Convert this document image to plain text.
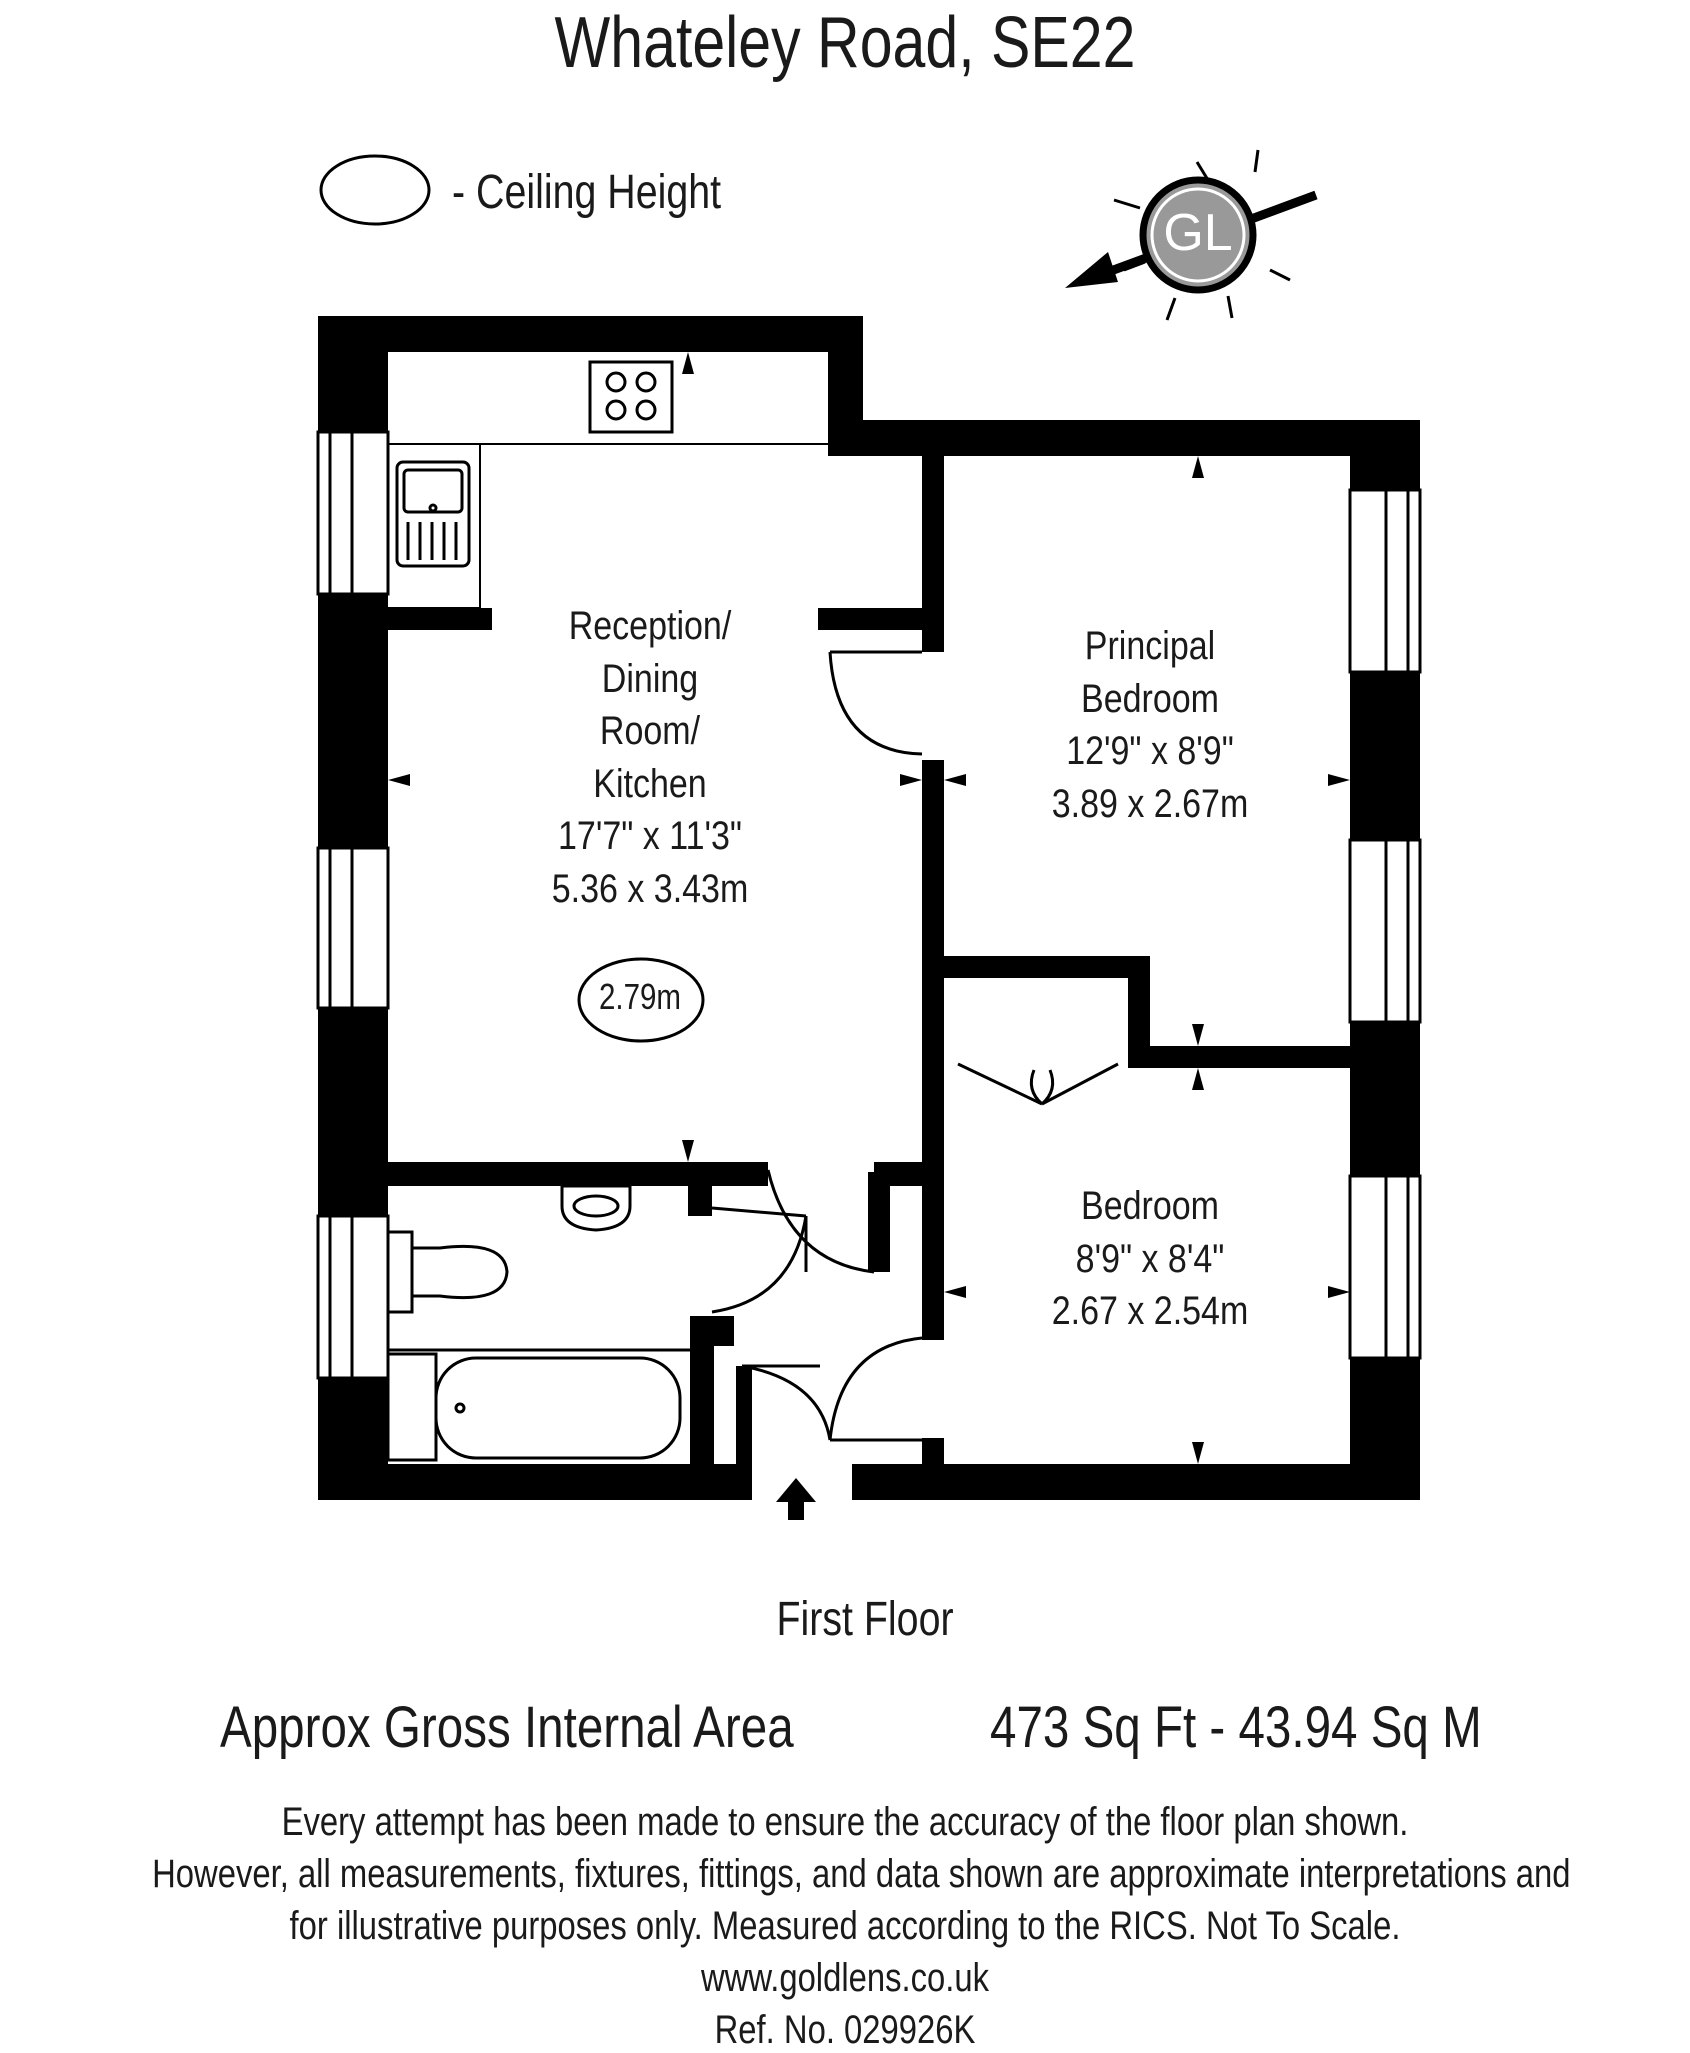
Whateley Road, SE22
- Ceiling Height
Reception/
Dining
Room/
Kitchen
17'7" x 11'3"
5.36 x 3.43m
2.79m
Principal
Bedroom
12'9" x 8'9"
3.89 x 2.67m
Bedroom
8'9" x 8'4"
2.67 x 2.54m
First Floor
Approx Gross Internal Area	473 Sq Ft - 43.94 Sq M
Every attempt has been made to ensure the accuracy of the floor plan shown.
However, all measurements, fixtures, fittings, and data shown are approximate interpretations and
for illustrative purposes only. Measured according to the RICS. Not To Scale.
www.goldlens.co.uk
Ref. No. 029926K
GL
